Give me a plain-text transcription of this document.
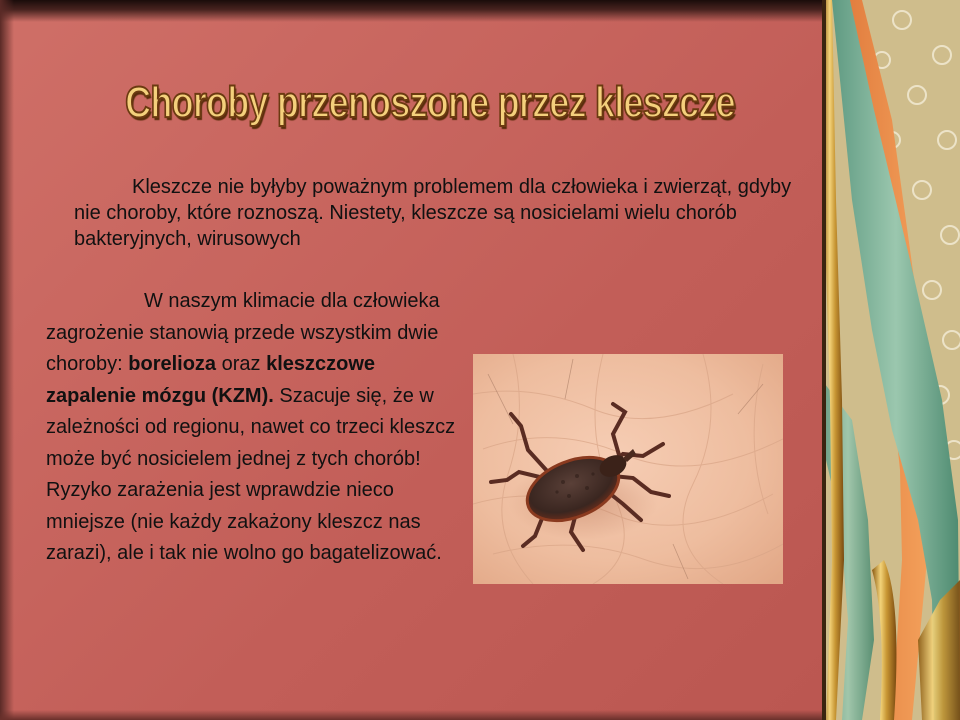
Choroby przenoszone przez kleszcze

Kleszcze nie byłyby poważnym problemem dla człowieka i zwierząt, gdyby nie choroby, które roznoszą. Niestety, kleszcze są nosicielami wielu chorób bakteryjnych, wirusowych

W naszym klimacie dla człowieka zagrożenie stanowią przede wszystkim dwie choroby: borelioza oraz kleszczowe zapalenie mózgu (KZM). Szacuje się, że w zależności od regionu, nawet co trzeci kleszcz może być nosicielem jednej z tych chorób! Ryzyko zarażenia jest wprawdzie nieco mniejsze (nie każdy zakażony kleszcz nas zarazi), ale i tak nie wolno go bagatelizować.
